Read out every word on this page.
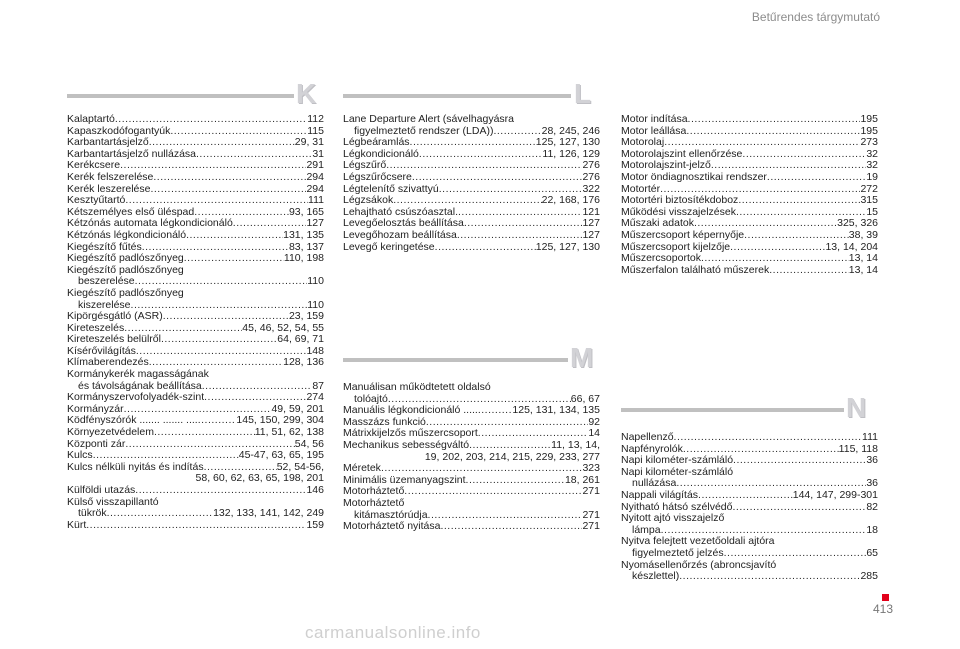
Betűrendes tárgymutató
K	L
M
N
Kalaptartó .....	112
Kapaszkodófogantyúk .....	115
Karbantartásjelző .....	29, 31
Karbantartásjelző nullázása .....	31
Kerékcsere .....	291
Kerék felszerelése .....	294
Kerék leszerelése .....	294
Kesztyűtartó .....	111
Kétszemélyes első üléspad .....	93, 165
Kétzónás automata légkondicionáló .....	127
Kétzónás légkondicionáló .....	131, 135
Kiegészítő fűtés .....	83, 137
Kiegészítő padlószőnyeg .....	110, 198
Kiegészítő padlószőnyeg
beszerelése .....	110
Kiegészítő padlószőnyeg
kiszerelése .....	110
Kipörgésgátló (ASR) .....	23, 159
Kireteszelés .....	45, 46, 52, 54, 55
Kireteszelés belülről .....	64, 69, 71
Kísérővilágítás .....	148
Klímaberendezés .....	128, 136
Kormánykerék magasságának
és távolságának beállítása .....	87
Kormányszervofolyadék-szint .....	274
Kormányzár .....	49, 59, 201
Ködfényszórók ....... ....... .... .....	145, 150, 299, 304
Környezetvédelem .....	11, 51, 62, 138
Központi zár .....	54, 56
Kulcs .....	45-47, 63, 65, 195
Kulcs nélküli nyitás és indítás .....	52, 54-56,
58, 60, 62, 63, 65, 198, 201
Külföldi utazás .....	146
Külső visszapillantó
tükrök .....	132, 133, 141, 142, 249
Kürt .....	159
Lane Departure Alert (sávelhagyásra
figyelmeztető rendszer (LDA)) .....	28, 245, 246
Légbeáramlás .....	125, 127, 130
Légkondicionáló .....	11, 126, 129
Légszűrő .....	276
Légszűrőcsere .....	276
Légtelenítő szivattyú .....	322
Légzsákok .....	22, 168, 176
Lehajtható csúszóasztal. .....	121
Levegőelosztás beállítása .....	127
Levegőhozam beállítása .....	127
Levegő keringetése .....	125, 127, 130
Manuálisan működtetett oldalsó
tolóajtó .....	66, 67
Manuális légkondicionáló ..... .....	125, 131, 134, 135
Masszázs funkció .....	92
Mátrixkijelzős műszercsoport .....	14
Mechanikus sebességváltó .....	11, 13, 14,
19, 202, 203, 214, 215, 229, 233, 277
Méretek .....	323
Minimális üzemanyagszint .....	18, 261
Motorháztető .....	271
Motorháztető
kitámasztórúdja .....	271
Motorháztető nyitása .....	271
Motor indítása .....	195
Motor leállása .....	195
Motorolaj .....	273
Motorolajszint ellenőrzése .....	32
Motorolajszint-jelző .....	32
Motor öndiagnosztikai rendszer .....	19
Motortér .....	272
Motortéri biztosítékdoboz .....	315
Működési visszajelzések .....	15
Műszaki adatok .....	325, 326
Műszercsoport képernyője .....	38, 39
Műszercsoport kijelzője .....	13, 14, 204
Műszercsoportok .....	13, 14
Műszerfalon található műszerek .....	13, 14
Napellenző .....	111
Napfényrolók .....	115, 118
Napi kilométer-számláló .....	36
Napi kilométer-számláló
nullázása .....	36
Nappali világítás .....	144, 147, 299-301
Nyitható hátsó szélvédő .....	82
Nyitott ajtó visszajelző
lámpa .....	18
Nyitva felejtett vezetőoldali ajtóra
figyelmeztető jelzés .....	65
Nyomásellenőrzés (abroncsjavító
készlettel) .....	285
413
carmanualsonline.info
